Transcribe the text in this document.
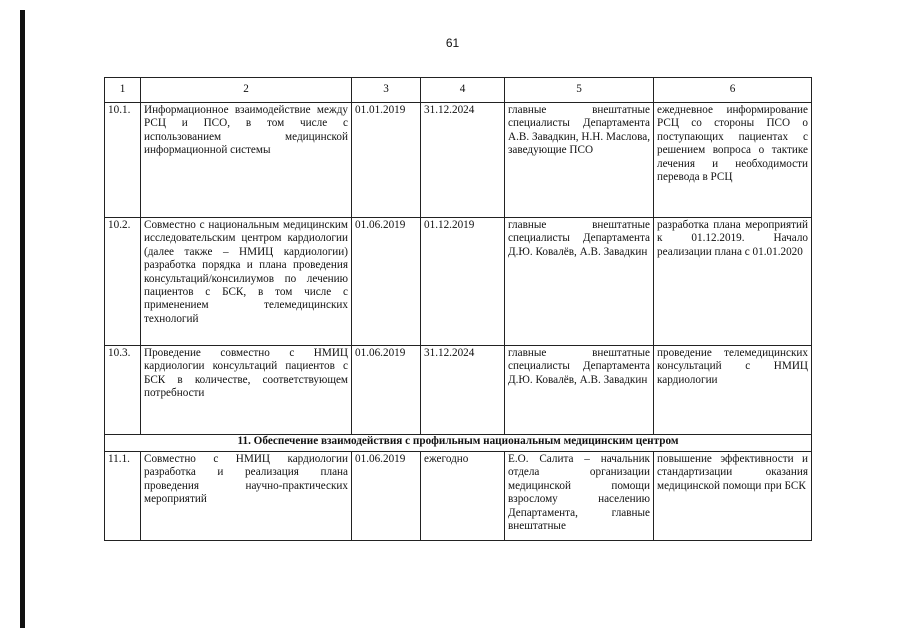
61
1	2	3	4	5	6
10.1.	Информационное взаимодействие между РСЦ и ПСО, в том числе с использованием медицинской информационной системы	01.01.2019	31.12.2024	главные внештатные специалисты Департамента А.В. Завадкин, Н.Н. Маслова, заведующие ПСО	ежедневное информирование РСЦ со стороны ПСО о поступающих пациентах с решением вопроса о тактике лечения и необходимости перевода в РСЦ
10.2.	Совместно с национальным медицинским исследовательским центром кардиологии (далее также – НМИЦ кардиологии) разработка порядка и плана проведения консультаций/консилиумов по лечению пациентов с БСК, в том числе с применением телемедицинских технологий	01.06.2019	01.12.2019	главные внештатные специалисты Департамента Д.Ю. Ковалёв, А.В. Завадкин	разработка плана мероприятий к 01.12.2019. Начало реализации плана с 01.01.2020
10.3.	Проведение совместно с НМИЦ кардиологии консультаций пациентов с БСК в количестве, соответствующем потребности	01.06.2019	31.12.2024	главные внештатные специалисты Департамента Д.Ю. Ковалёв, А.В. Завадкин	проведение телемедицинских консультаций с НМИЦ кардиологии
11. Обеспечение взаимодействия с профильным национальным медицинским центром					
11.1.	Совместно с НМИЦ кардиологии разработка и реализация плана проведения научно-практических мероприятий	01.06.2019	ежегодно	Е.О. Салита – начальник отдела организации медицинской помощи взрослому населению Департамента, главные внештатные	повышение эффективности и стандартизации оказания медицинской помощи при БСК
